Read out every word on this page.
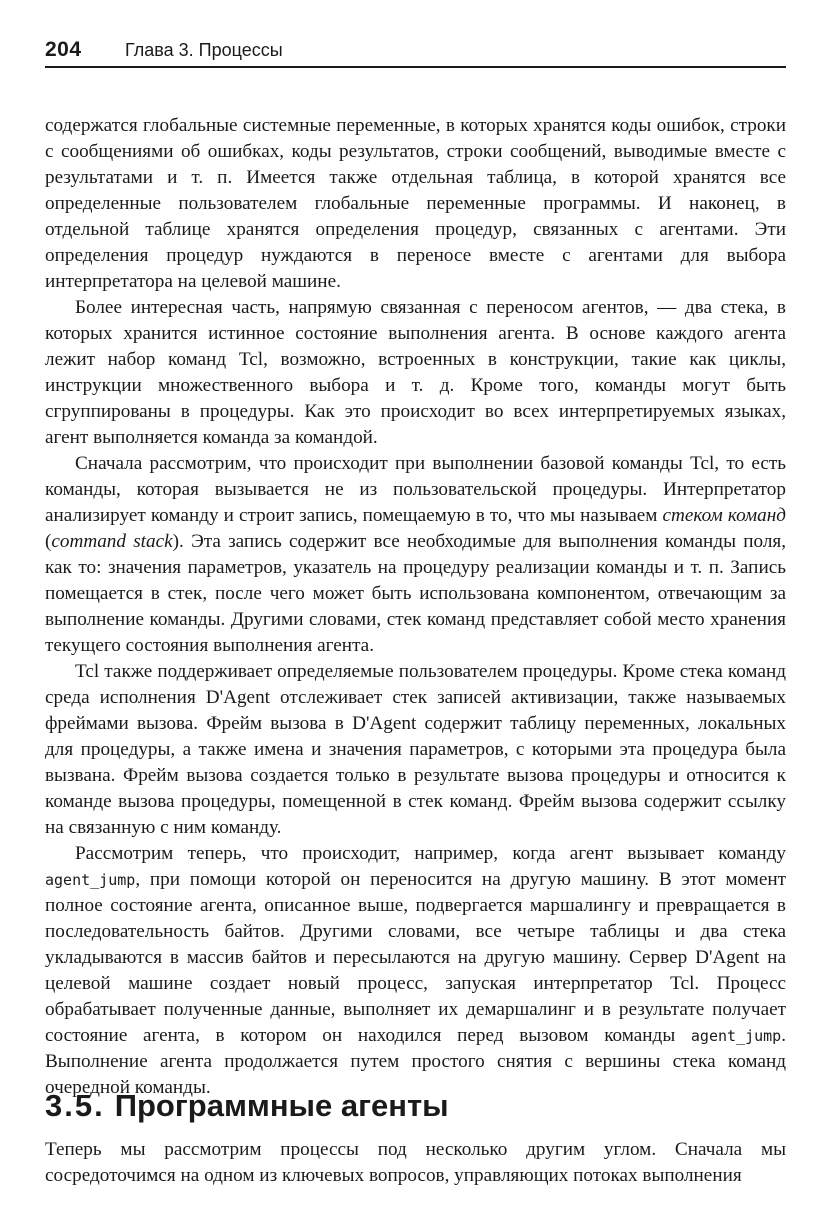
204 Глава 3. Процессы

содержатся глобальные системные переменные, в которых хранятся коды ошибок, строки с сообщениями об ошибках, коды результатов, строки сообщений, выводимые вместе с результатами и т. п. Имеется также отдельная таблица, в которой хранятся все определенные пользователем глобальные переменные программы. И наконец, в отдельной таблице хранятся определения процедур, связанных с агентами. Эти определения процедур нуждаются в переносе вместе с агентами для выбора интерпретатора на целевой машине.

Более интересная часть, напрямую связанная с переносом агентов, — два стека, в которых хранится истинное состояние выполнения агента. В основе каждого агента лежит набор команд Tcl, возможно, встроенных в конструкции, такие как циклы, инструкции множественного выбора и т. д. Кроме того, команды могут быть сгруппированы в процедуры. Как это происходит во всех интерпретируемых языках, агент выполняется команда за командой.

Сначала рассмотрим, что происходит при выполнении базовой команды Tcl, то есть команды, которая вызывается не из пользовательской процедуры. Интерпретатор анализирует команду и строит запись, помещаемую в то, что мы называем стеком команд (command stack). Эта запись содержит все необходимые для выполнения команды поля, как то: значения параметров, указатель на процедуру реализации команды и т. п. Запись помещается в стек, после чего может быть использована компонентом, отвечающим за выполнение команды. Другими словами, стек команд представляет собой место хранения текущего состояния выполнения агента.

Tcl также поддерживает определяемые пользователем процедуры. Кроме стека команд среда исполнения D'Agent отслеживает стек записей активизации, также называемых фреймами вызова. Фрейм вызова в D'Agent содержит таблицу переменных, локальных для процедуры, а также имена и значения параметров, с которыми эта процедура была вызвана. Фрейм вызова создается только в результате вызова процедуры и относится к команде вызова процедуры, помещенной в стек команд. Фрейм вызова содержит ссылку на связанную с ним команду.

Рассмотрим теперь, что происходит, например, когда агент вызывает команду agent_jump, при помощи которой он переносится на другую машину. В этот момент полное состояние агента, описанное выше, подвергается маршалингу и превращается в последовательность байтов. Другими словами, все четыре таблицы и два стека укладываются в массив байтов и пересылаются на другую машину. Сервер D'Agent на целевой машине создает новый процесс, запуская интерпретатор Tcl. Процесс обрабатывает полученные данные, выполняет их демаршалинг и в результате получает состояние агента, в котором он находился перед вызовом команды agent_jump. Выполнение агента продолжается путем простого снятия с вершины стека команд очередной команды.

3.5. Программные агенты

Теперь мы рассмотрим процессы под несколько другим углом. Сначала мы сосредоточимся на одном из ключевых вопросов, управляющих потоках выполнения
